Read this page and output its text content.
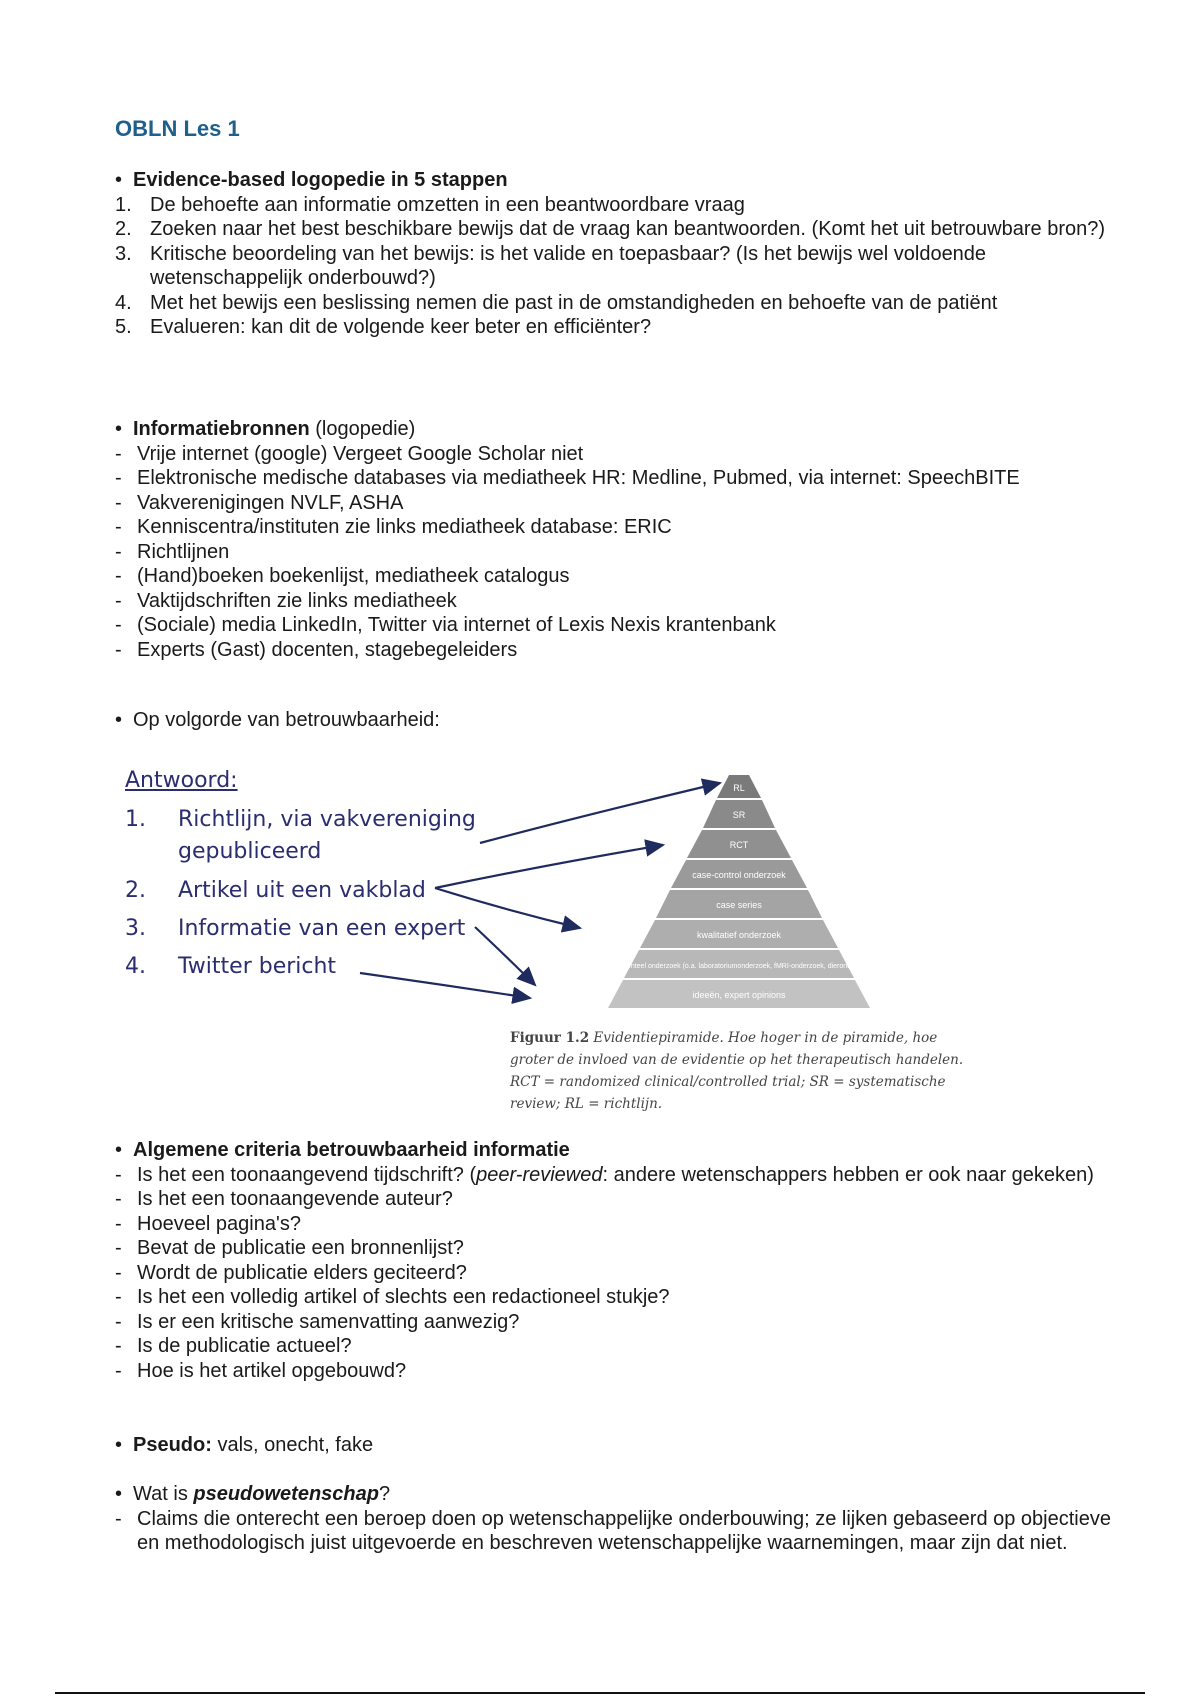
OBLN Les 1
• Evidence-based logopedie in 5 stappen
1. De behoefte aan informatie omzetten in een beantwoordbare vraag
2. Zoeken naar het best beschikbare bewijs dat de vraag kan beantwoorden. (Komt het uit betrouwbare bron?)
3. Kritische beoordeling van het bewijs: is het valide en toepasbaar? (Is het bewijs wel voldoende wetenschappelijk onderbouwd?)
4. Met het bewijs een beslissing nemen die past in de omstandigheden en behoefte van de patiënt
5. Evalueren: kan dit de volgende keer beter en efficiënter?
• Informatiebronnen (logopedie)
- Vrije internet (google) Vergeet Google Scholar niet
- Elektronische medische databases via mediatheek HR: Medline, Pubmed, via internet: SpeechBITE
- Vakverenigingen NVLF, ASHA
- Kenniscentra/instituten zie links mediatheek database: ERIC
- Richtlijnen
- (Hand)boeken boekenlijst, mediatheek catalogus
- Vaktijdschriften zie links mediatheek
- (Sociale) media LinkedIn, Twitter via internet of Lexis Nexis krantenbank
- Experts (Gast) docenten, stagebegeleiders
• Op volgorde van betrouwbaarheid:
Antwoord:
1.	Richtlijn, via vakvereniging
gepubliceerd
2.	Artikel uit een vakblad
3.	Informatie van een expert
4.	Twitter bericht
RL
SR
RCT
case-control onderzoek
case series
kwalitatief onderzoek
fundamenteel onderzoek (o.a. laboratoriumonderzoek, fMRI-onderzoek, dieronderzoek)
ideeën, expert opinions
Figuur 1.2 Evidentiepiramide. Hoe hoger in de piramide, hoe groter de invloed van de evidentie op het therapeutisch handelen. RCT = randomized clinical/controlled trial; SR = systematische review; RL = richtlijn.
• Algemene criteria betrouwbaarheid informatie
- Is het een toonaangevend tijdschrift? (peer-reviewed: andere wetenschappers hebben er ook naar gekeken)
- Is het een toonaangevende auteur?
- Hoeveel pagina's?
- Bevat de publicatie een bronnenlijst?
- Wordt de publicatie elders geciteerd?
- Is het een volledig artikel of slechts een redactioneel stukje?
- Is er een kritische samenvatting aanwezig?
- Is de publicatie actueel?
- Hoe is het artikel opgebouwd?
• Pseudo: vals, onecht, fake
• Wat is pseudowetenschap?
- Claims die onterecht een beroep doen op wetenschappelijke onderbouwing; ze lijken gebaseerd op objectieve en methodologisch juist uitgevoerde en beschreven wetenschappelijke waarnemingen, maar zijn dat niet.
